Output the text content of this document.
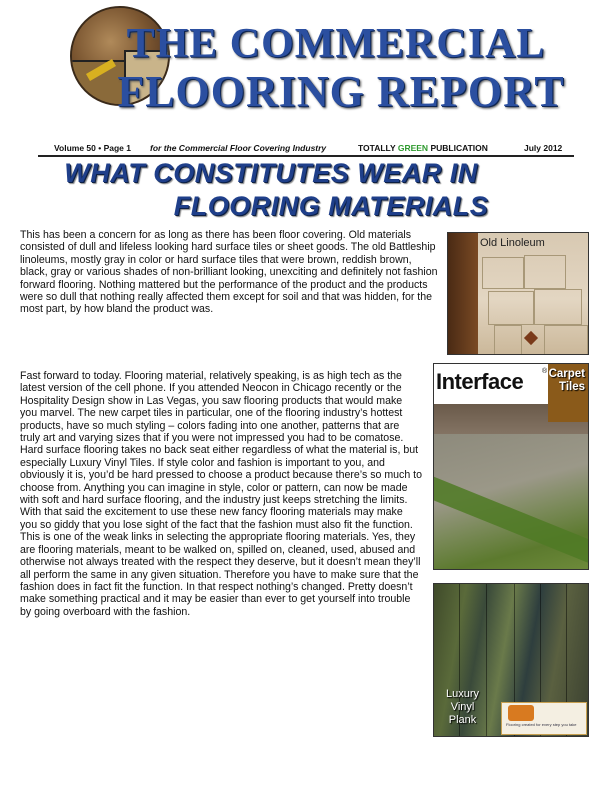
THE COMMERCIAL
FLOORING REPORT
Volume 50 • Page 1 for the Commercial Floor Covering Industry	TOTALLY GREEN PUBLICATION	July 2012
WHAT CONSTITUTES WEAR IN
FLOORING MATERIALS

This has been a concern for as long as there has been floor covering. Old materials consisted of dull and lifeless looking hard surface tiles or sheet goods. The old Battleship linoleums, mostly gray in color or hard surface tiles that were brown, reddish brown, black, gray or various shades of non-brilliant looking, unexciting and definitely not fashion forward flooring. Nothing mattered but the performance of the product and the products were so dull that nothing really affected them except for soil and that was hidden, for the most part, by how bland the product was.

Fast forward to today. Flooring material, relatively speaking, is as high tech as the latest version of the cell phone. If you attended Neocon in Chicago recently or the Hospitality Design show in Las Vegas, you saw flooring products that would make you marvel. The new carpet tiles in particular, one of the flooring industry’s hottest products, have so much styling – colors fading into one another, patterns that are truly art and varying sizes that if you were not impressed you had to be comatose. Hard surface flooring takes no back seat either regardless of what the material is, but especially Luxury Vinyl Tiles. If style color and fashion is important to you, and obviously it is, you’d be hard pressed to choose a product because there’s so much to choose from. Anything you can imagine in style, color or pattern, can now be made with soft and hard surface flooring, and the industry just keeps stretching the limits. With that said the excitement to use these new fancy flooring materials may make you so giddy that you lose sight of the fact that the fashion must also fit the function. This is one of the weak links in selecting the appropriate flooring materials. Yes, they are flooring materials, meant to be walked on, spilled on, cleaned, used, abused and otherwise not always treated with the respect they deserve, but it doesn’t mean they’ll all perform the same in any given situation. Therefore you have to make sure that the fashion does in fact fit the function. In that respect nothing’s changed. Pretty doesn’t make something practical and it may be easier than ever to get yourself into trouble by going overboard with the fashion.

Old Linoleum
Interface	® Carpet
Tiles
Luxury
Vinyl
Plank	Flooring created for every step you take
